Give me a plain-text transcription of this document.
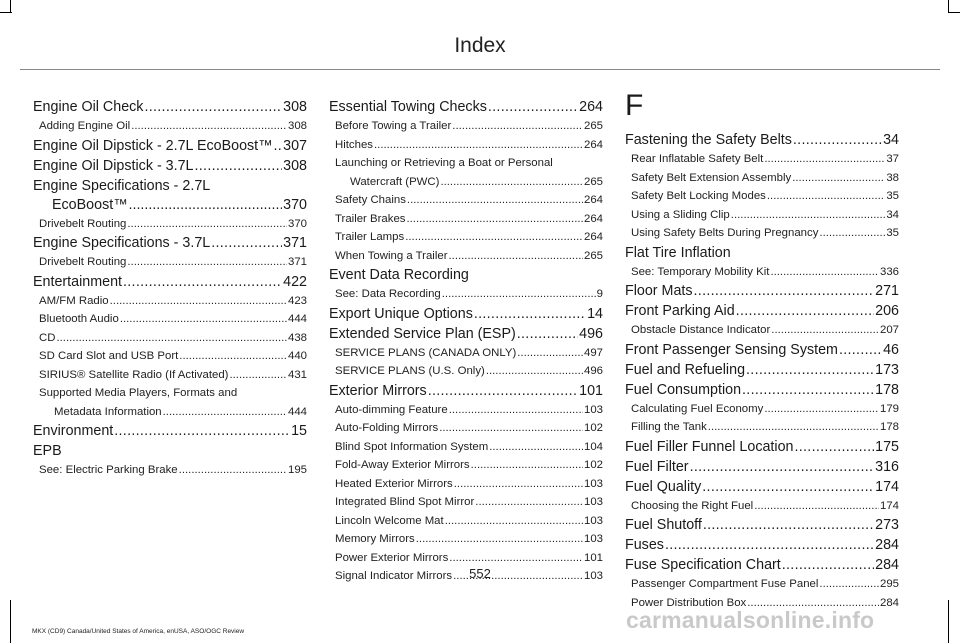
Index
Engine Oil Check .....	308
Adding Engine Oil .....	308
Engine Oil Dipstick - 2.7L EcoBoost™ ..... 307
Engine Oil Dipstick - 3.7L .....	308
Engine Specifications - 2.7L
EcoBoost™ .....	370
Drivebelt Routing .....	370
Engine Specifications - 3.7L .....	371
Drivebelt Routing .....	371
Entertainment .....	422
AM/FM Radio .....	423
Bluetooth Audio .....	444
CD .....	438
SD Card Slot and USB Port .....	440
SIRIUS® Satellite Radio (If Activated) .....	431
Supported Media Players, Formats and
Metadata Information .....	444
Environment .....	15
EPB
See: Electric Parking Brake .....	195
Essential Towing Checks .....	264
Before Towing a Trailer .....	265
Hitches .....	264
Launching or Retrieving a Boat or Personal
Watercraft (PWC) .....	265
Safety Chains .....	264
Trailer Brakes .....	264
Trailer Lamps .....	264
When Towing a Trailer .....	265
Event Data Recording
See: Data Recording .....	9
Export Unique Options .....	14
Extended Service Plan (ESP) .....	496
SERVICE PLANS (CANADA ONLY) .....	497
SERVICE PLANS (U.S. Only) .....	496
Exterior Mirrors .....	101
Auto-dimming Feature .....	103
Auto-Folding Mirrors .....	102
Blind Spot Information System .....	104
Fold-Away Exterior Mirrors .....	102
Heated Exterior Mirrors .....	103
Integrated Blind Spot Mirror .....	103
Lincoln Welcome Mat .....	103
Memory Mirrors .....	103
Power Exterior Mirrors .....	101
Signal Indicator Mirrors .....	103
F
Fastening the Safety Belts .....	34
Rear Inflatable Safety Belt .....	37
Safety Belt Extension Assembly .....	38
Safety Belt Locking Modes .....	35
Using a Sliding Clip .....	34
Using Safety Belts During Pregnancy .....	35
Flat Tire Inflation
See: Temporary Mobility Kit .....	336
Floor Mats .....	271
Front Parking Aid .....	206
Obstacle Distance Indicator .....	207
Front Passenger Sensing System .....	46
Fuel and Refueling .....	173
Fuel Consumption .....	178
Calculating Fuel Economy .....	179
Filling the Tank .....	178
Fuel Filler Funnel Location .....	175
Fuel Filter .....	316
Fuel Quality .....	174
Choosing the Right Fuel .....	174
Fuel Shutoff .....	273
Fuses .....	284
Fuse Specification Chart .....	284
Passenger Compartment Fuse Panel .....	295
Power Distribution Box .....	284
552
MKX (CD9) Canada/United States of America, enUSA, ASO/OGC Review	carmanualsonline.info
